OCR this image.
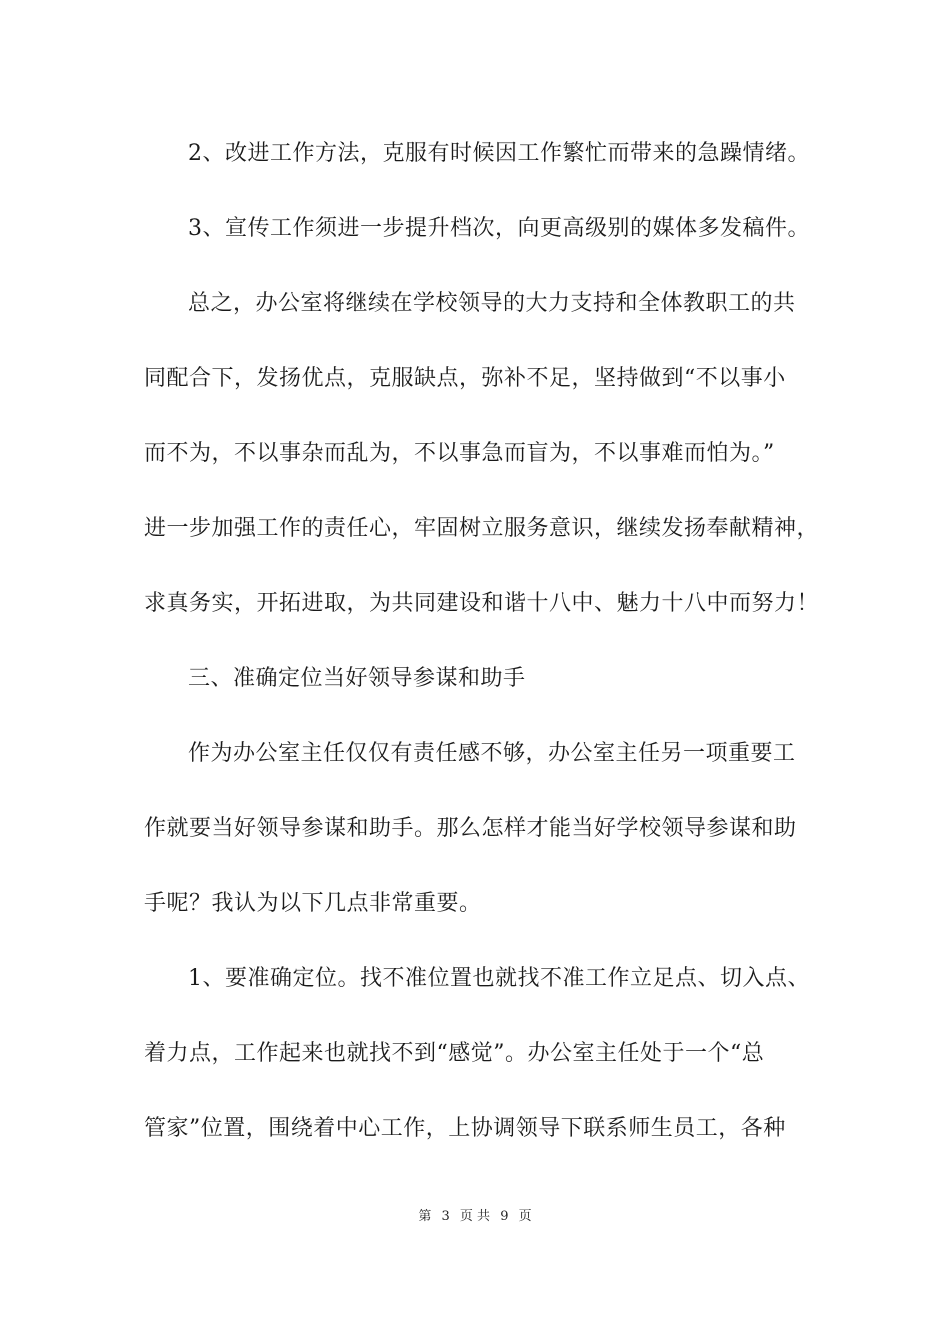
2、改进工作方法，克服有时候因工作繁忙而带来的急躁情绪。
3、宣传工作须进一步提升档次，向更高级别的媒体多发稿件。
总之，办公室将继续在学校领导的大力支持和全体教职工的共
同配合下，发扬优点，克服缺点，弥补不足，坚持做到“不以事小
而不为，不以事杂而乱为，不以事急而盲为，不以事难而怕为。”
进一步加强工作的责任心，牢固树立服务意识，继续发扬奉献精神，
求真务实，开拓进取，为共同建设和谐十八中、魅力十八中而努力！
三、准确定位当好领导参谋和助手
作为办公室主任仅仅有责任感不够，办公室主任另一项重要工
作就要当好领导参谋和助手。那么怎样才能当好学校领导参谋和助
手呢？我认为以下几点非常重要。
1、要准确定位。找不准位置也就找不准工作立足点、切入点、
着力点，工作起来也就找不到“感觉”。办公室主任处于一个“总
管家”位置，围绕着中心工作，上协调领导下联系师生员工，各种
第 3 页 共 9 页
